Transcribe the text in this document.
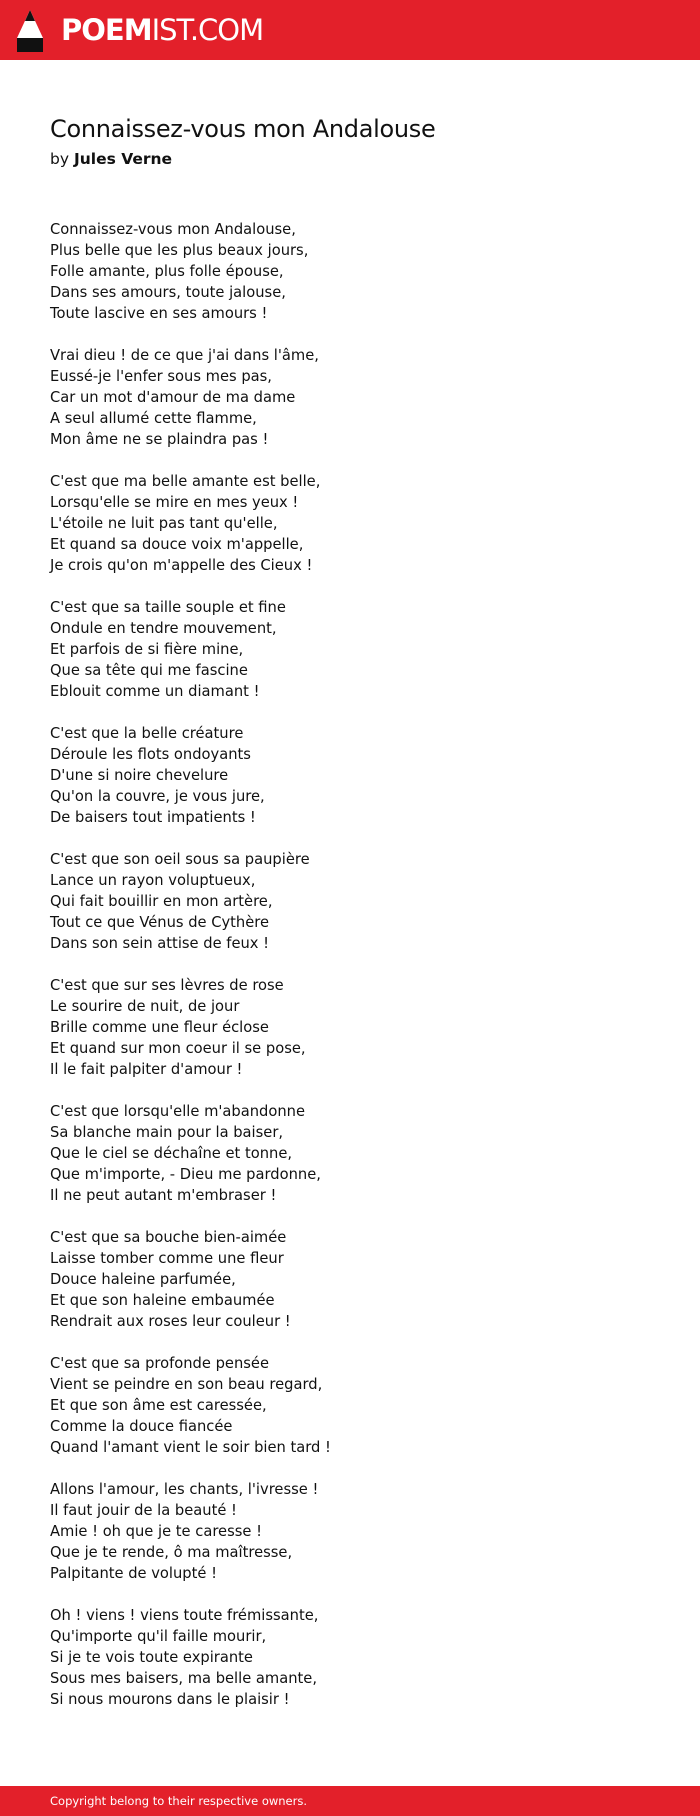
POEMIST.COM
Connaissez-vous mon Andalouse
by Jules Verne
Connaissez-vous mon Andalouse,
Plus belle que les plus beaux jours,
Folle amante, plus folle épouse,
Dans ses amours, toute jalouse,
Toute lascive en ses amours !
Vrai dieu ! de ce que j'ai dans l'âme,
Eussé-je l'enfer sous mes pas,
Car un mot d'amour de ma dame
A seul allumé cette flamme,
Mon âme ne se plaindra pas !
C'est que ma belle amante est belle,
Lorsqu'elle se mire en mes yeux !
L'étoile ne luit pas tant qu'elle,
Et quand sa douce voix m'appelle,
Je crois qu'on m'appelle des Cieux !
C'est que sa taille souple et fine
Ondule en tendre mouvement,
Et parfois de si fière mine,
Que sa tête qui me fascine
Eblouit comme un diamant !
C'est que la belle créature
Déroule les flots ondoyants
D'une si noire chevelure
Qu'on la couvre, je vous jure,
De baisers tout impatients !
C'est que son oeil sous sa paupière
Lance un rayon voluptueux,
Qui fait bouillir en mon artère,
Tout ce que Vénus de Cythère
Dans son sein attise de feux !
C'est que sur ses lèvres de rose
Le sourire de nuit, de jour
Brille comme une fleur éclose
Et quand sur mon coeur il se pose,
Il le fait palpiter d'amour !
C'est que lorsqu'elle m'abandonne
Sa blanche main pour la baiser,
Que le ciel se déchaîne et tonne,
Que m'importe, - Dieu me pardonne,
Il ne peut autant m'embraser !
C'est que sa bouche bien-aimée
Laisse tomber comme une fleur
Douce haleine parfumée,
Et que son haleine embaumée
Rendrait aux roses leur couleur !
C'est que sa profonde pensée
Vient se peindre en son beau regard,
Et que son âme est caressée,
Comme la douce fiancée
Quand l'amant vient le soir bien tard !
Allons l'amour, les chants, l'ivresse !
Il faut jouir de la beauté !
Amie ! oh que je te caresse !
Que je te rende, ô ma maîtresse,
Palpitante de volupté !
Oh ! viens ! viens toute frémissante,
Qu'importe qu'il faille mourir,
Si je te vois toute expirante
Sous mes baisers, ma belle amante,
Si nous mourons dans le plaisir !
Copyright belong to their respective owners.
